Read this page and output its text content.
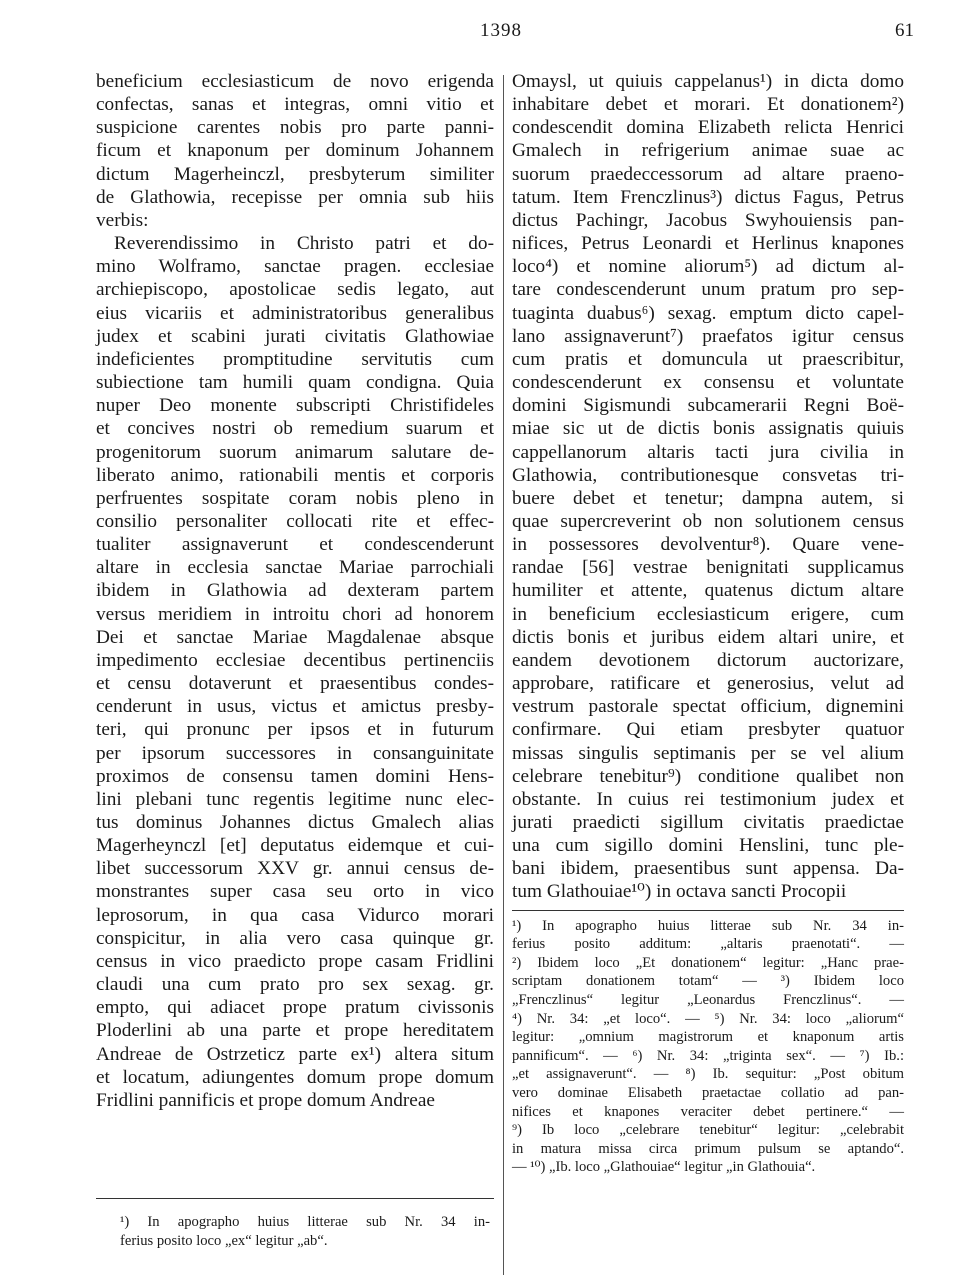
1398	61
beneficium ecclesiasticum de novo erigenda
confectas, sanas et integras, omni vitio et
suspicione carentes nobis pro parte panni-
ficum et knaponum per dominum Johannem
dictum Magerheinczl, presbyterum similiter
de Glathowia, recepisse per omnia sub hiis
verbis:
Reverendissimo in Christo patri et do-
mino Wolframo, sanctae pragen. ecclesiae
archiepiscopo, apostolicae sedis legato, aut
eius vicariis et administratoribus generalibus
judex et scabini jurati civitatis Glathowiae
indeficientes promptitudine servitutis cum
subiectione tam humili quam condigna. Quia
nuper Deo monente subscripti Christifideles
et concives nostri ob remedium suarum et
progenitorum suorum animarum salutare de-
liberato animo, rationabili mentis et corporis
perfruentes sospitate coram nobis pleno in
consilio personaliter collocati rite et effec-
tualiter assignaverunt et condescenderunt
altare in ecclesia sanctae Mariae parrochiali
ibidem in Glathowia ad dexteram partem
versus meridiem in introitu chori ad honorem
Dei et sanctae Mariae Magdalenae absque
impedimento ecclesiae decentibus pertinenciis
et censu dotaverunt et praesentibus condes-
cenderunt in usus, victus et amictus presby-
teri, qui pronunc per ipsos et in futurum
per ipsorum successores in consanguinitate
proximos de consensu tamen domini Hens-
lini plebani tunc regentis legitime nunc elec-
tus dominus Johannes dictus Gmalech alias
Magerheynczl [et] deputatus eidemque et cui-
libet successorum XXV gr. annui census de-
monstrantes super casa seu orto in vico
leprosorum, in qua casa Vidurco morari
conspicitur, in alia vero casa quinque gr.
census in vico praedicto prope casam Fridlini
claudi una cum prato pro sex sexag. gr.
empto, qui adiacet prope pratum civissonis
Ploderlini ab una parte et prope hereditatem
Andreae de Ostrzeticz parte ex¹) altera situm
et locatum, adiungentes domum prope domum
Fridlini pannificis et prope domum Andreae
Omaysl, ut quiuis cappelanus¹) in dicta domo
inhabitare debet et morari. Et donationem²)
condescendit domina Elizabeth relicta Henrici
Gmalech in refrigerium animae suae ac
suorum praedeccessorum ad altare praeno-
tatum. Item Frenczlinus³) dictus Fagus, Petrus
dictus Pachingr, Jacobus Swyhouiensis pan-
nifices, Petrus Leonardi et Herlinus knapones
loco⁴) et nomine aliorum⁵) ad dictum al-
tare condescenderunt unum pratum pro sep-
tuaginta duabus⁶) sexag. emptum dicto capel-
lano assignaverunt⁷) praefatos igitur census
cum pratis et domuncula ut praescribitur,
condescenderunt ex consensu et voluntate
domini Sigismundi subcamerarii Regni Boë-
miae sic ut de dictis bonis assignatis quiuis
cappellanorum altaris tacti jura civilia in
Glathowia, contributionesque consvetas tri-
buere debet et tenetur; dampna autem, si
quae supercreverint ob non solutionem census
in possessores devolventur⁸). Quare vene-
randae [56] vestrae benignitati supplicamus
humiliter et attente, quatenus dictum altare
in beneficium ecclesiasticum erigere, cum
dictis bonis et juribus eidem altari unire, et
eandem devotionem dictorum auctorizare,
approbare, ratificare et generosius, velut ad
vestrum pastorale spectat officium, dignemini
confirmare. Qui etiam presbyter quatuor
missas singulis septimanis per se vel alium
celebrare tenebitur⁹) conditione qualibet non
obstante. In cuius rei testimonium judex et
jurati praedicti sigillum civitatis praedictae
una cum sigillo domini Henslini, tunc ple-
bani ibidem, praesentibus sunt appensa. Da-
tum Glathouiae¹⁰) in octava sancti Procopii
¹) In apographo huius litterae sub Nr. 34 in-
ferius posito additum: „altaris praenotati“. —
²) Ibidem loco „Et donationem“ legitur: „Hanc prae-
scriptam donationem totam“ — ³) Ibidem loco
„Frenczlinus“ legitur „Leonardus Frenczlinus“. —
⁴) Nr. 34: „et loco“. — ⁵) Nr. 34: loco „aliorum“
legitur: „omnium magistrorum et knaponum artis
pannificum“. — ⁶) Nr. 34: „triginta sex“. — ⁷) Ib.:
„et assignaverunt“. — ⁸) Ib. sequitur: „Post obitum
vero dominae Elisabeth praetactae collatio ad pan-
nifices et knapones veraciter debet pertinere.“ —
⁹) Ib loco „celebrare tenebitur“ legitur: „celebrabit
in matura missa circa primum pulsum se aptando“.
— ¹⁰) „Ib. loco „Glathouiae“ legitur „in Glathouia“.
¹) In apographo huius litterae sub Nr. 34 in-
ferius posito loco „ex“ legitur „ab“.
